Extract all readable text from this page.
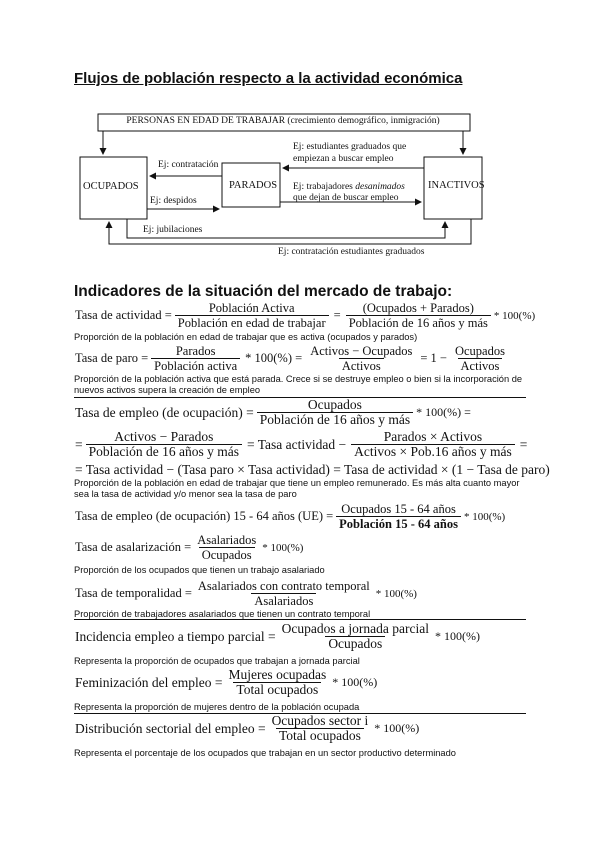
Flujos de población respecto a la actividad económica
PERSONAS EN EDAD DE TRABAJAR (crecimiento demográfico, inmigración)
OCUPADOS	PARADOS	INACTIVOS
Ej: contratación
Ej: despidos
Ej: jubilaciones
Ej: estudiantes graduados que
empiezan a buscar empleo
Ej: trabajadores desanimados
que dejan de buscar empleo
Ej: contratación estudiantes graduados
Indicadores de la situación del mercado de trabajo:
Tasa de actividad = $\frac{\text{Población Activa}}{\text{Población en edad de trabajar}} = \frac{\text{(Ocupados + Parados)}}{\text{Población de 16 años y más}} * 100(\%)$
Proporción de la población en edad de trabajar que es activa (ocupados y parados)
Tasa de paro = $\frac{\text{Parados}}{\text{Población activa}} * 100(\%) = \frac{\text{Activos − Ocupados}}{\text{Activos}} = 1 - \frac{\text{Ocupados}}{\text{Activos}}$
Proporción de la población activa que está parada. Crece si se destruye empleo o bien si la incorporación de nuevos activos supera la creación de empleo
Tasa de empleo (de ocupación) = $\frac{\text{Ocupados}}{\text{Población de 16 años y más}} * 100(\%)$ =
= $\frac{\text{Activos − Parados}}{\text{Población de 16 años y más}}$ = Tasa actividad − $\frac{\text{Parados × Activos}}{\text{Activos × Pob.16 años y más}}$ =
= Tasa actividad − (Tasa paro × Tasa actividad) = Tasa de actividad × (1 − Tasa de paro)
Proporción de la población en edad de trabajar que tiene un empleo remunerado. Es más alta cuanto mayor sea la tasa de actividad y/o menor sea la tasa de paro
Tasa de empleo (de ocupación) 15 - 64 años $(UE) = \frac{\text{Ocupados 15 - 64 años}}{\text{Población 15 - 64 años}} * 100(\%)$
Tasa de asalarización = $\frac{\text{Asalariados}}{\text{Ocupados}} * 100(\%)$
Proporción de los ocupados que tienen un trabajo asalariado
Tasa de temporalidad = $\frac{\text{Asalariados con contrato temporal}}{\text{Asalariados}} * 100(\%)$
Proporción de trabajadores asalariados que tienen un contrato temporal
Incidencia empleo a tiempo parcial = $\frac{\text{Ocupados a jornada parcial}}{\text{Ocupados}} * 100(\%)$
Representa la proporción de ocupados que trabajan a jornada parcial
Feminización del empleo = $\frac{\text{Mujeres ocupadas}}{\text{Total ocupados}} * 100(\%)$
Representa la proporción de mujeres dentro de la población ocupada
Distribución sectorial del empleo = $\frac{\text{Ocupados sector i}}{\text{Total ocupados}} * 100(\%)$
Representa el porcentaje de los ocupados que trabajan en un sector productivo determinado
